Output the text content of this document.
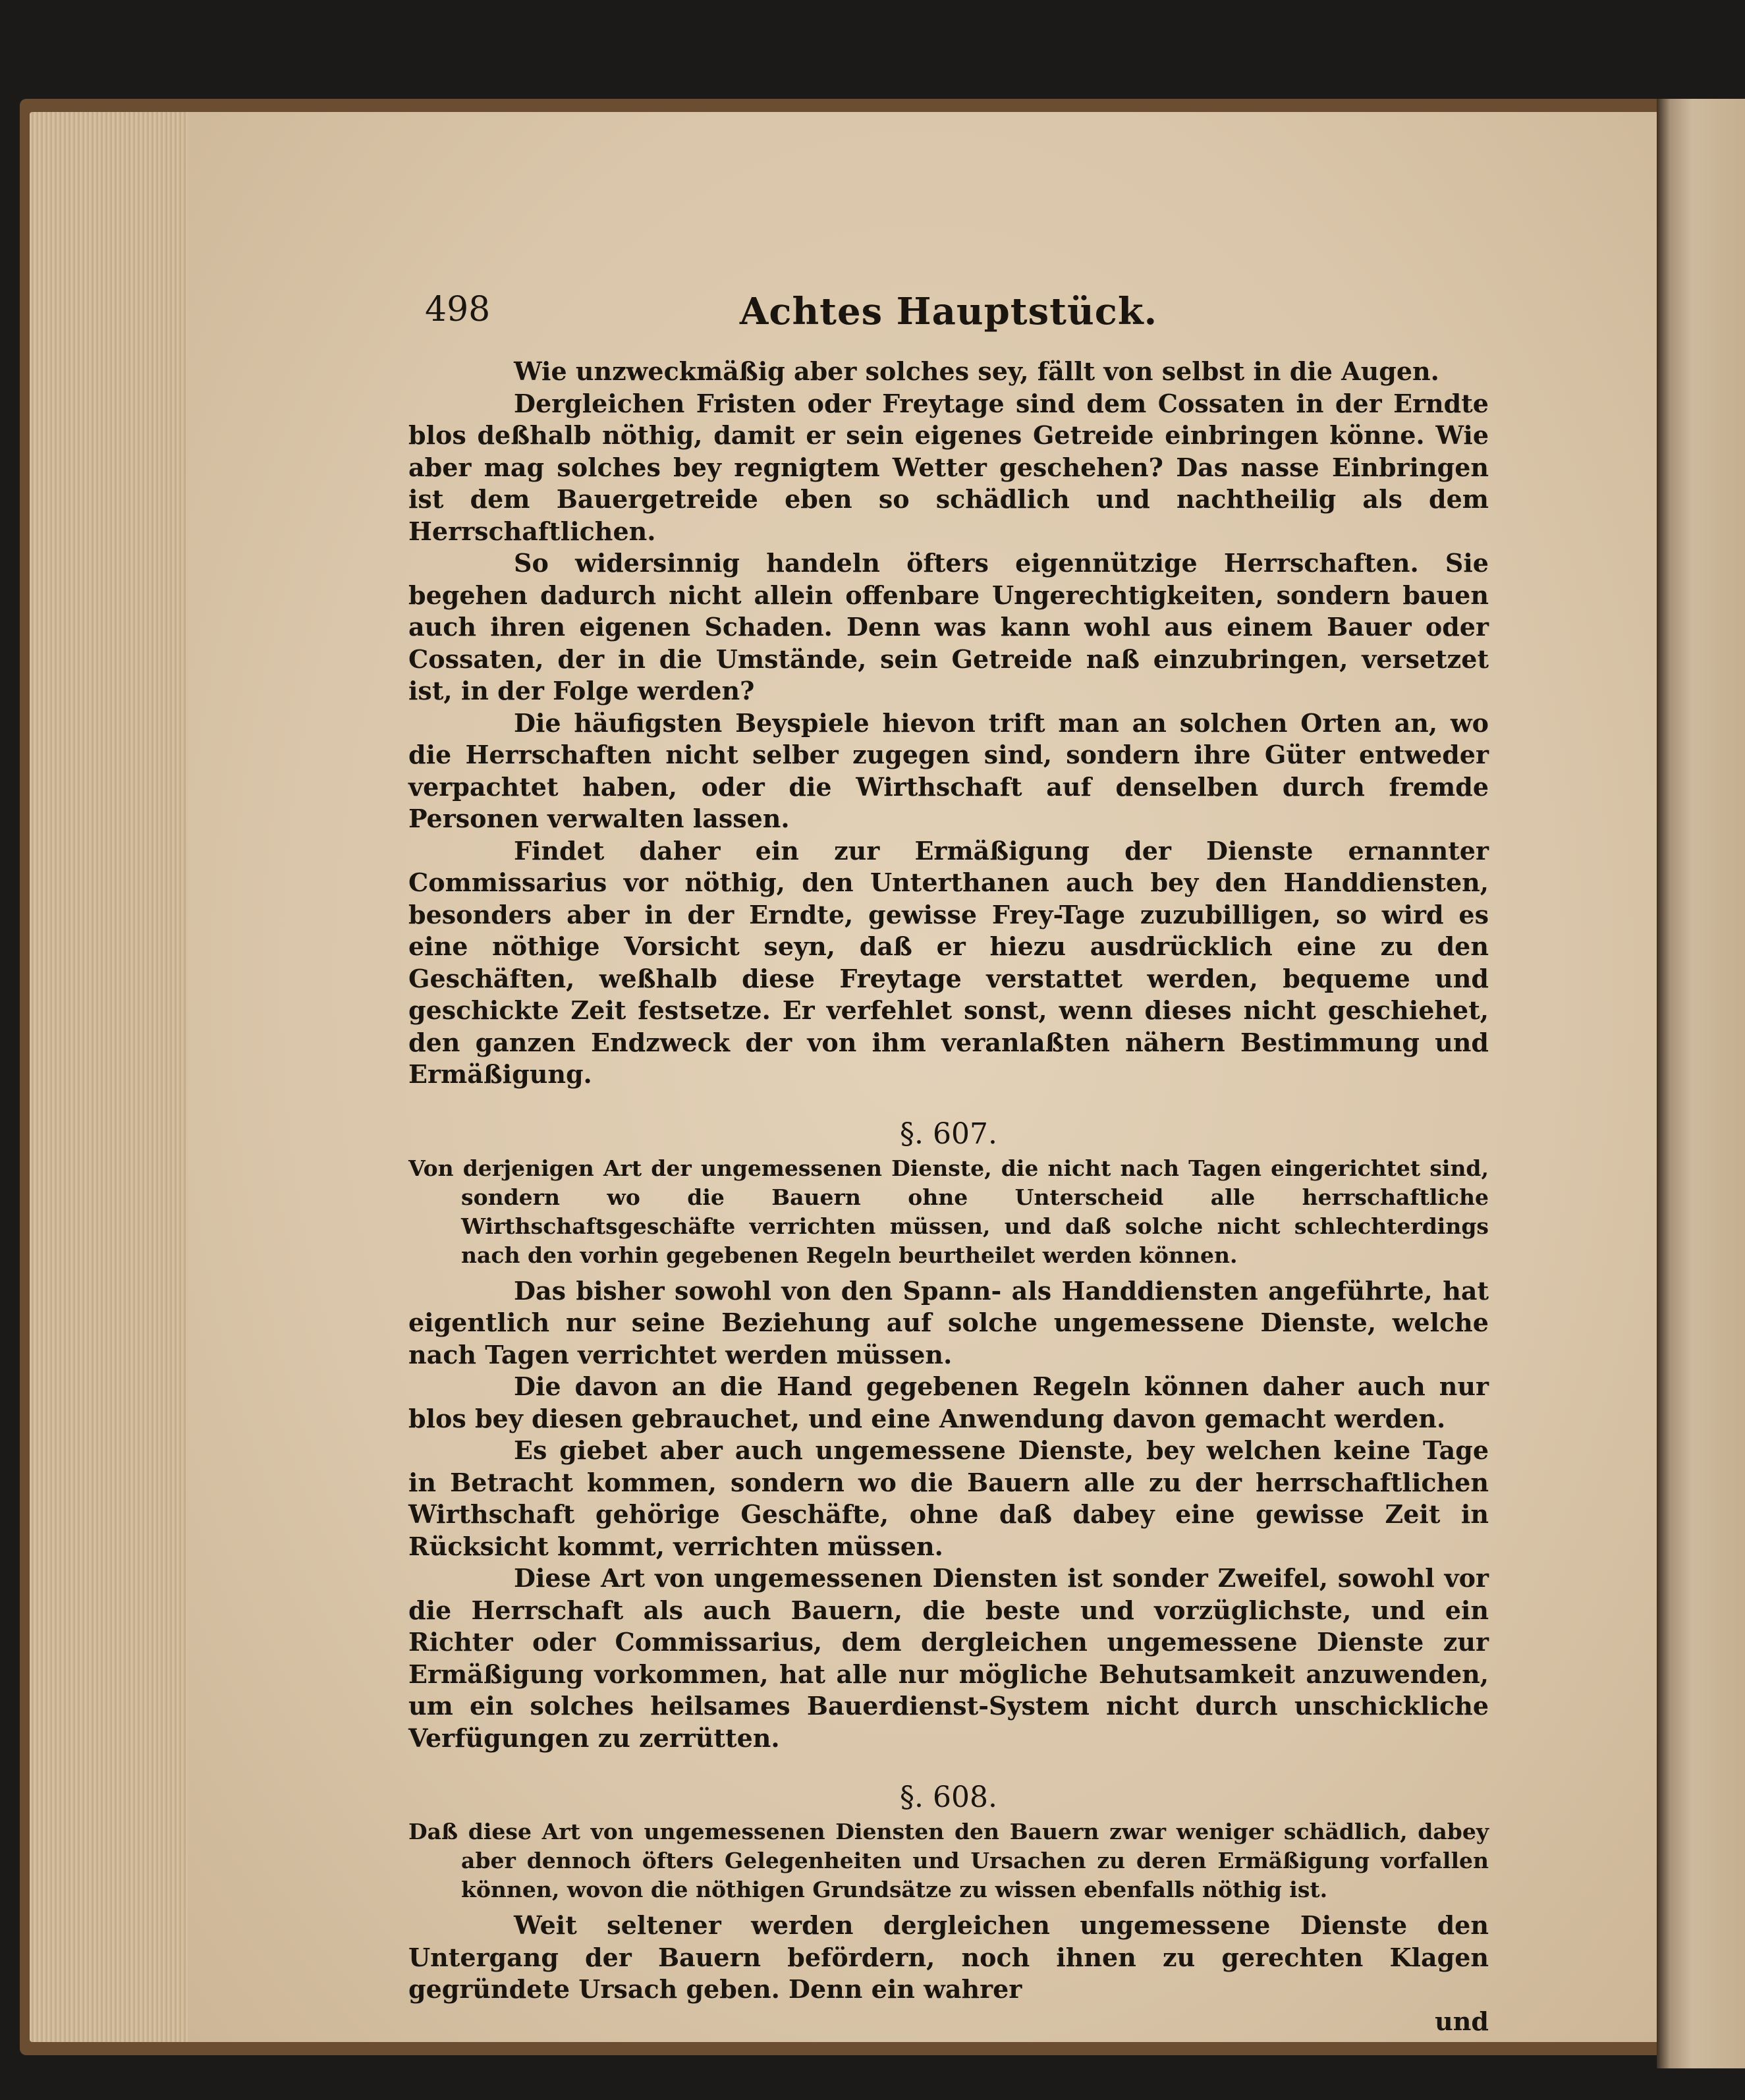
498	Achtes Hauptstück.

Wie unzweckmäßig aber solches sey, fällt von selbst in die Augen.

Dergleichen Fristen oder Freytage sind dem Cossaten in der Erndte blos deßhalb nöthig, damit er sein eigenes Getreide einbringen könne. Wie aber mag solches bey regnigtem Wetter geschehen? Das nasse Einbringen ist dem Bauergetreide eben so schädlich und nachtheilig als dem Herrschaftlichen.

So widersinnig handeln öfters eigennützige Herrschaften. Sie begehen dadurch nicht allein offenbare Ungerechtigkeiten, sondern bauen auch ihren eigenen Schaden. Denn was kann wohl aus einem Bauer oder Cossaten, der in die Umstände, sein Getreide naß einzubringen, versetzet ist, in der Folge werden?

Die häufigsten Beyspiele hievon trift man an solchen Orten an, wo die Herrschaften nicht selber zugegen sind, sondern ihre Güter entweder verpachtet haben, oder die Wirthschaft auf denselben durch fremde Personen verwalten lassen.

Findet daher ein zur Ermäßigung der Dienste ernannter Commissarius vor nöthig, den Unterthanen auch bey den Handdiensten, besonders aber in der Erndte, gewisse Frey-Tage zuzubilligen, so wird es eine nöthige Vorsicht seyn, daß er hiezu ausdrücklich eine zu den Geschäften, weßhalb diese Freytage verstattet werden, bequeme und geschickte Zeit festsetze. Er verfehlet sonst, wenn dieses nicht geschiehet, den ganzen Endzweck der von ihm veranlaßten nähern Bestimmung und Ermäßigung.

§. 607.

Von derjenigen Art der ungemessenen Dienste, die nicht nach Tagen eingerichtet sind, sondern wo die Bauern ohne Unterscheid alle herrschaftliche Wirthschaftsgeschäfte verrichten müssen, und daß solche nicht schlechterdings nach den vorhin gegebenen Regeln beurtheilet werden können.

Das bisher sowohl von den Spann- als Handdiensten angeführte, hat eigentlich nur seine Beziehung auf solche ungemessene Dienste, welche nach Tagen verrichtet werden müssen.

Die davon an die Hand gegebenen Regeln können daher auch nur blos bey diesen gebrauchet, und eine Anwendung davon gemacht werden.

Es giebet aber auch ungemessene Dienste, bey welchen keine Tage in Betracht kommen, sondern wo die Bauern alle zu der herrschaftlichen Wirthschaft gehörige Geschäfte, ohne daß dabey eine gewisse Zeit in Rücksicht kommt, verrichten müssen.

Diese Art von ungemessenen Diensten ist sonder Zweifel, sowohl vor die Herrschaft als auch Bauern, die beste und vorzüglichste, und ein Richter oder Commissarius, dem dergleichen ungemessene Dienste zur Ermäßigung vorkommen, hat alle nur mögliche Behutsamkeit anzuwenden, um ein solches heilsames Bauerdienst-System nicht durch unschickliche Verfügungen zu zerrütten.

§. 608.

Daß diese Art von ungemessenen Diensten den Bauern zwar weniger schädlich, dabey aber dennoch öfters Gelegenheiten und Ursachen zu deren Ermäßigung vorfallen können, wovon die nöthigen Grundsätze zu wissen ebenfalls nöthig ist.

Weit seltener werden dergleichen ungemessene Dienste den Untergang der Bauern befördern, noch ihnen zu gerechten Klagen gegründete Ursach geben. Denn ein wahrer

und
